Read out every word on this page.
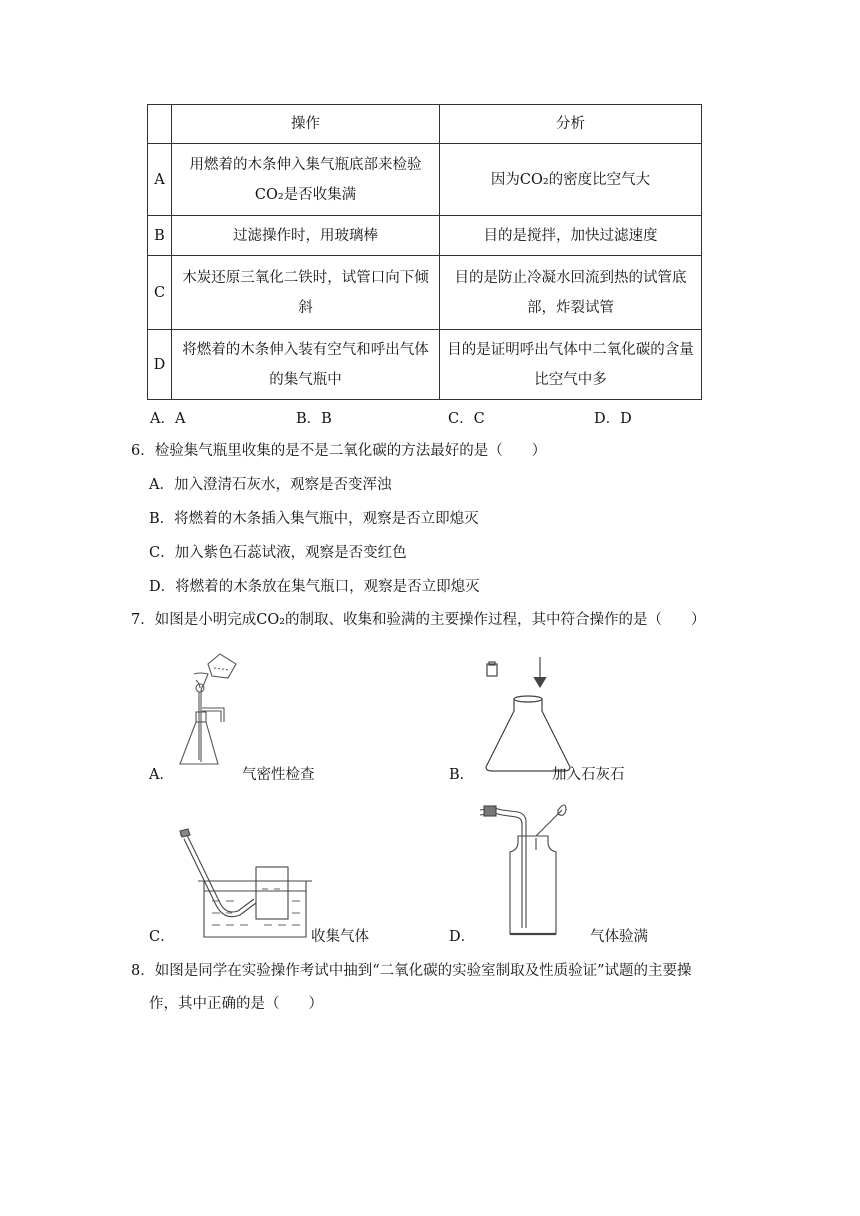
	操作	分析
A	用燃着的木条伸入集气瓶底部来检验CO₂是否收集满	因为CO₂的密度比空气大
B	过滤操作时，用玻璃棒	目的是搅拌，加快过滤速度
C	木炭还原三氧化二铁时，试管口向下倾斜	目的是防止冷凝水回流到热的试管底部，炸裂试管
D	将燃着的木条伸入装有空气和呼出气体的集气瓶中	目的是证明呼出气体中二氧化碳的含量比空气中多
A．A	B．B	C．C	D．D
6．检验集气瓶里收集的是不是二氧化碳的方法最好的是（　　）
A．加入澄清石灰水，观察是否变浑浊
B．将燃着的木条插入集气瓶中，观察是否立即熄灭
C．加入紫色石蕊试液，观察是否变红色
D．将燃着的木条放在集气瓶口，观察是否立即熄灭
7．如图是小明完成CO₂的制取、收集和验满的主要操作过程，其中符合操作的是（　　）
A．	气密性检查	B．	加入石灰石
C．	收集气体	D．	气体验满
8．如图是同学在实验操作考试中抽到“二氧化碳的实验室制取及性质验证”试题的主要操
作，其中正确的是（　　）
